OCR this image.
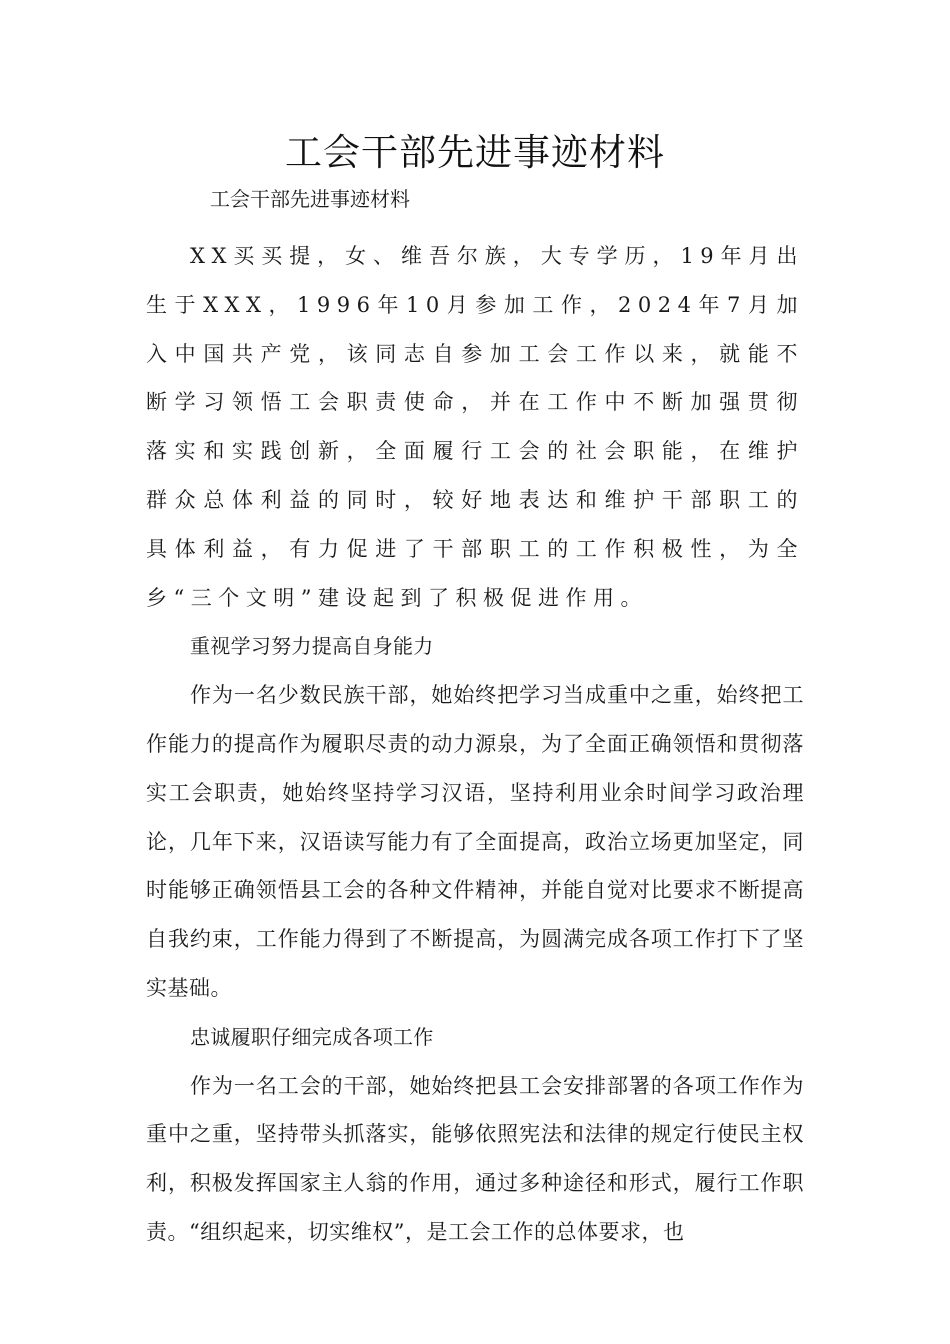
工会干部先进事迹材料

工会干部先进事迹材料

XX买买提，女、维吾尔族，大专学历，19年月出生于XXX，1996年10月参加工作，2024年7月加入中国共产党，该同志自参加工会工作以来，就能不断学习领悟工会职责使命，并在工作中不断加强贯彻落实和实践创新，全面履行工会的社会职能，在维护群众总体利益的同时，较好地表达和维护干部职工的具体利益，有力促进了干部职工的工作积极性，为全乡“三个文明”建设起到了积极促进作用。

重视学习努力提高自身能力

作为一名少数民族干部，她始终把学习当成重中之重，始终把工作能力的提高作为履职尽责的动力源泉，为了全面正确领悟和贯彻落实工会职责，她始终坚持学习汉语，坚持利用业余时间学习政治理论，几年下来，汉语读写能力有了全面提高，政治立场更加坚定，同时能够正确领悟县工会的各种文件精神，并能自觉对比要求不断提高自我约束，工作能力得到了不断提高，为圆满完成各项工作打下了坚实基础。

忠诚履职仔细完成各项工作

作为一名工会的干部，她始终把县工会安排部署的各项工作作为重中之重，坚持带头抓落实，能够依照宪法和法律的规定行使民主权利，积极发挥国家主人翁的作用，通过多种途径和形式，履行工作职责。“组织起来，切实维权”，是工会工作的总体要求，也
